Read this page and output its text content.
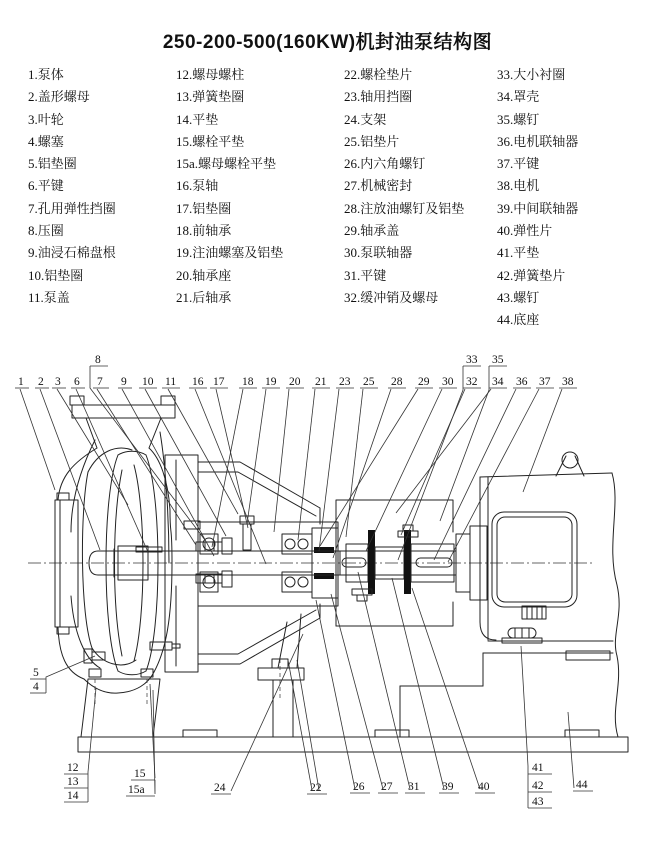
250-200-500(160KW)机封油泵结构图
1.泵体
2.盖形螺母
3.叶轮
4.螺塞
5.铝垫圈
6.平键
7.孔用弹性挡圈
8.压圈
9.油浸石棉盘根
10.铝垫圈
11.泵盖
12.螺母螺柱
13.弹簧垫圈
14.平垫
15.螺栓平垫
15a.螺母螺栓平垫
16.泵轴
17.铝垫圈
18.前轴承
19.注油螺塞及铝垫
20.轴承座
21.后轴承
22.螺栓垫片
23.轴用挡圈
24.支架
25.铝垫片
26.内六角螺钉
27.机械密封
28.注放油螺钉及铝垫
29.轴承盖
30.泵联轴器
31.平键
32.缓冲销及螺母
33.大小衬圈
34.罩壳
35.螺钉
36.电机联轴器
37.平键
38.电机
39.中间联轴器
40.弹性片
41.平垫
42.弹簧垫片
43.螺钉
44.底座
1 2 3 6 7
8
9 10 11 16 17 18 19 20 21 23 25 28 29 30 32
33
34
35
36 37 38
5
4
12
13
14
15
15a	24	22	26 27 31 39 40
41
42
43
44
